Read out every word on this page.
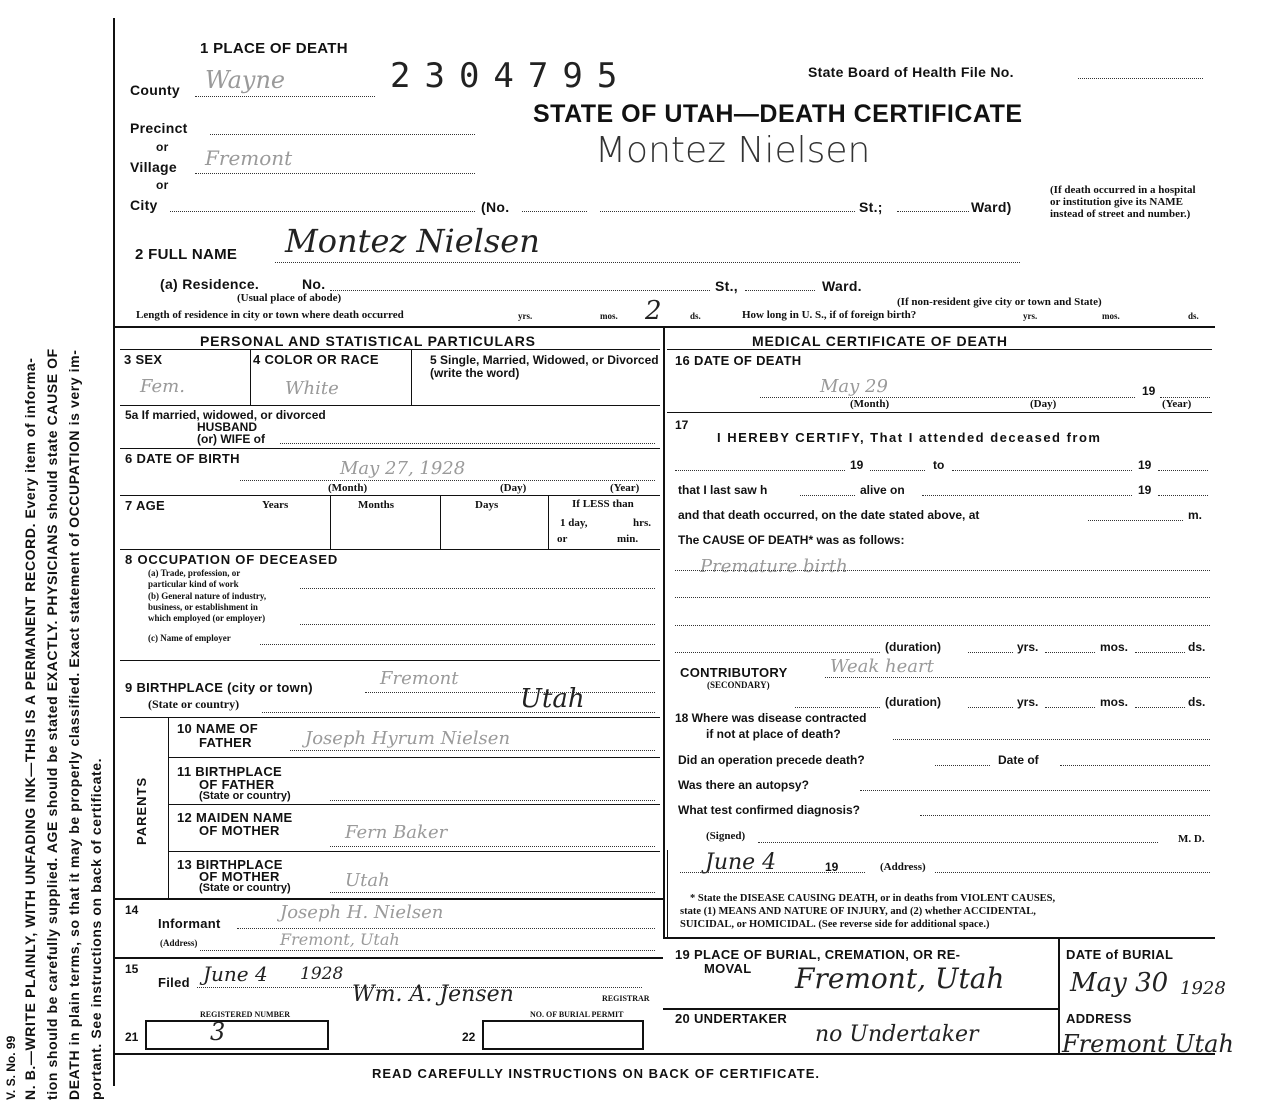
V. S. No. 99 N. B.—WRITE PLAINLY, WITH UNFADING INK—THIS IS A PERMANENT RECORD. Every item of informa- tion should be carefully supplied. AGE should be stated EXACTLY. PHYSICIANS should state CAUSE OF DEATH in plain terms, so that it may be properly classified. Exact statement of OCCUPATION is very im- portant. See instructions on back of certificate.
1 PLACE OF DEATH
County Wayne	2304795	State Board of Health File No.
STATE OF UTAH—DEATH CERTIFICATE
Montez Nielsen
Precinct
or
Village Fremont
or
City	(No.	St.;	Ward)
(If death occurred in a hospital or institution give its NAME instead of street and number.)
2 FULL NAME Montez Nielsen
(a) Residence.	No.
(Usual place of abode)
St.,	Ward.
(If non-resident give city or town and State)
Length of residence in city or town where death occurred	yrs.	mos. 2	ds.	How long in U. S., if of foreign birth?	yrs.	mos.	ds.
PERSONAL AND STATISTICAL PARTICULARS
3 SEX
Fem.
4 COLOR OR RACE
White
5 Single, Married, Widowed, or Divorced (write the word)
5a If married, widowed, or divorced
HUSBAND
(or) WIFE of
6 DATE OF BIRTH	May 27, 1928
(Month)	(Day)	(Year)
7 AGE	Years	Months	Days	If LESS than
1 day,	hrs.
or	min.
8 OCCUPATION OF DECEASED
(a) Trade, profession, or
particular kind of work
(b) General nature of industry,
business, or establishment in
which employed (or employer)
(c) Name of employer
9 BIRTHPLACE (city or town)	Fremont
(State or country)	Utah
PARENTS
10 NAME OF
FATHER	Joseph Hyrum Nielsen
11 BIRTHPLACE
OF FATHER
(State or country)
12 MAIDEN NAME
OF MOTHER	Fern Baker
13 BIRTHPLACE
OF MOTHER
(State or country)	Utah
14
Informant
Joseph H. Nielsen
(Address)	Fremont, Utah
15
Filed June 4 1928
Wm. A. Jensen	REGISTRAR
REGISTERED NUMBER	NO. OF BURIAL PERMIT
21	3	22
MEDICAL CERTIFICATE OF DEATH
16 DATE OF DEATH
May 29	19
(Month)	(Day)	(Year)
17
I HEREBY CERTIFY, That I attended deceased from
19	to	19
that I last saw h	alive on	19
and that death occurred, on the date stated above, at	m.
The CAUSE OF DEATH* was as follows:
Premature birth
(duration)	yrs.	mos.	ds.
CONTRIBUTORY
(SECONDARY)
Weak heart
(duration)	yrs.	mos.	ds.
18 Where was disease contracted
if not at place of death?
Did an operation precede death?	Date of
Was there an autopsy?
What test confirmed diagnosis?
(Signed)	M. D.
June 4	19	(Address)
* State the DISEASE CAUSING DEATH, or in deaths from VIOLENT CAUSES,
state (1) MEANS AND NATURE OF INJURY, and (2) whether ACCIDENTAL,
SUICIDAL, or HOMICIDAL. (See reverse side for additional space.)
19 PLACE OF BURIAL, CREMATION, OR RE-
MOVAL Fremont, Utah
DATE of BURIAL
May 30 1928
20 UNDERTAKER
no Undertaker
ADDRESS
Fremont Utah
READ CAREFULLY INSTRUCTIONS ON BACK OF CERTIFICATE.
